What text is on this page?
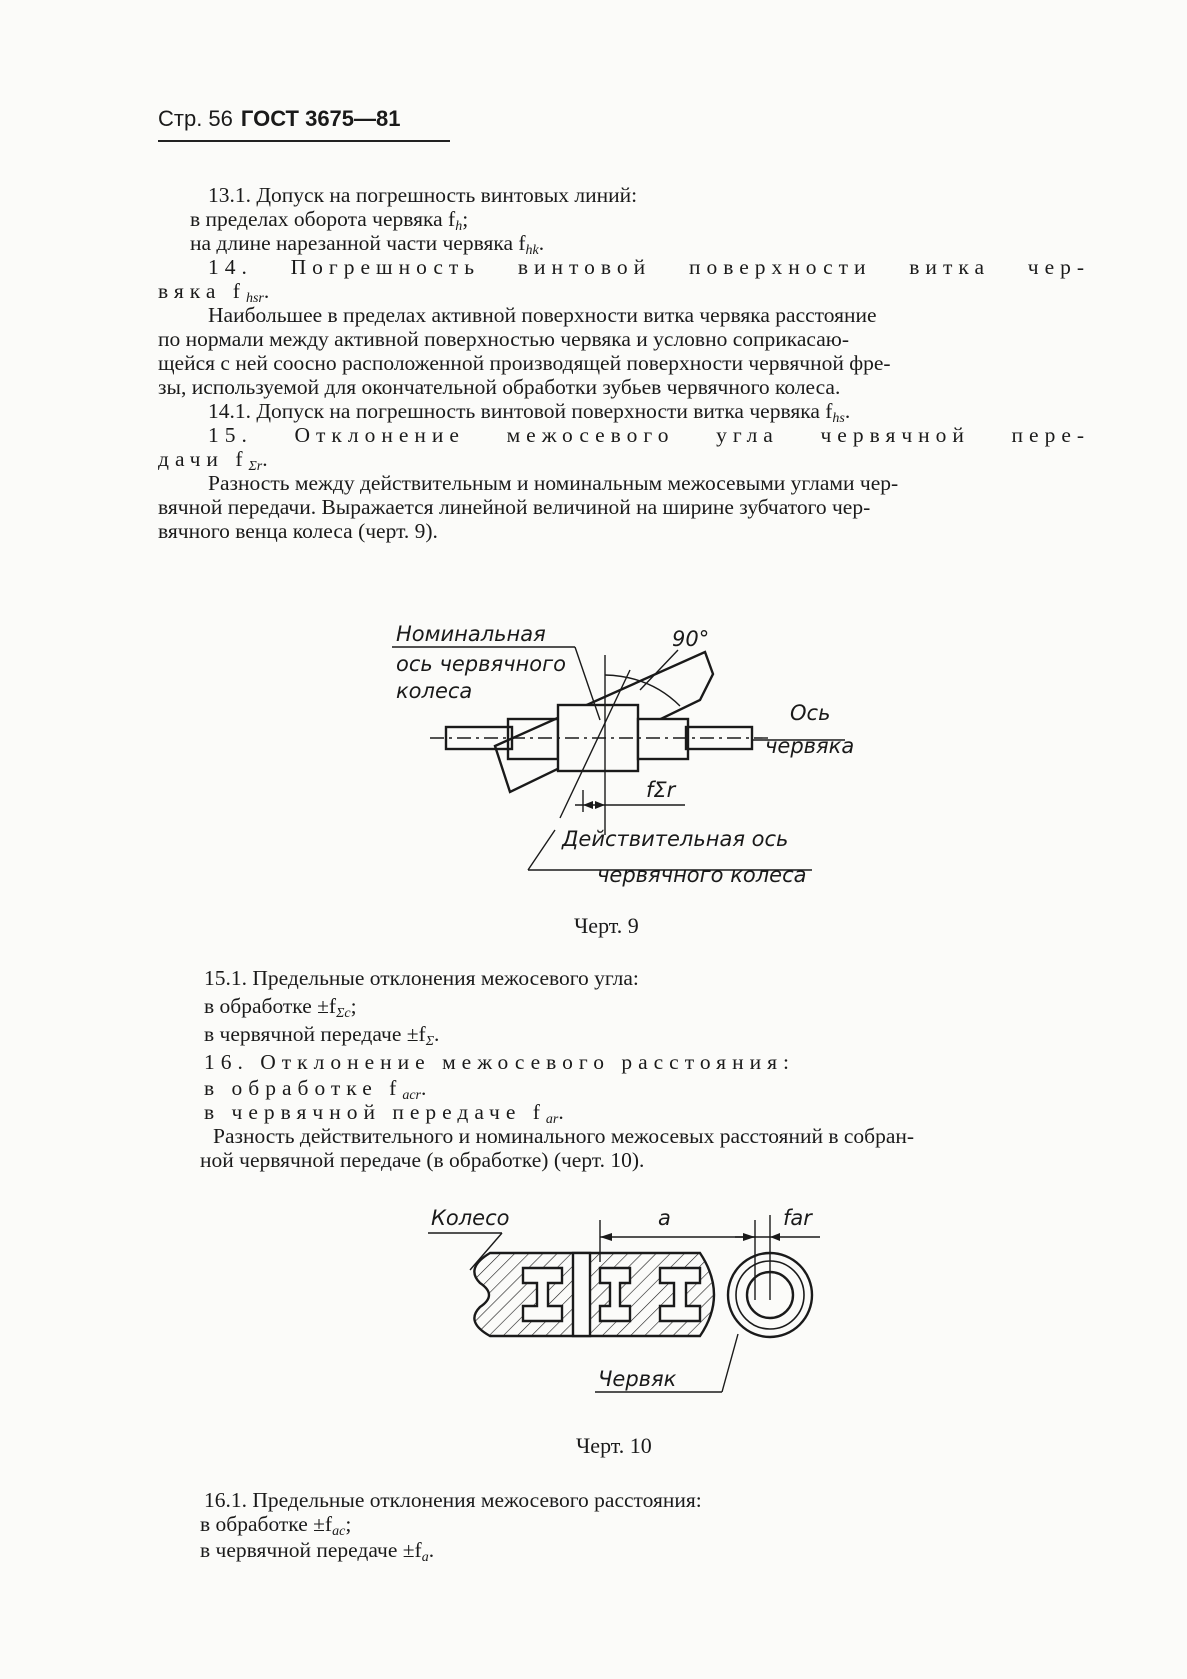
Стр. 56 ГОСТ 3675—81
13.1. Допуск на погрешность винтовых линий:
в пределах оборота червяка $f_h$;
на длине нарезанной части червяка $f_{hk}$.
14. Погрешность винтовой поверхности витка чер-
вяка $f_{hsr}$.
Наибольшее в пределах активной поверхности витка червяка расстояние
по нормали между активной поверхностью червяка и условно соприкасаю-
щейся с ней соосно расположенной производящей поверхности червячной фре-
зы, используемой для окончательной обработки зубьев червячного колеса.
14.1. Допуск на погрешность винтовой поверхности витка червяка $f_{hs}$.
15. Отклонение межосевого угла червячной пере-
дачи $f_{\Sigma r}$.
Разность между действительным и номинальным межосевыми углами чер-
вячной передачи. Выражается линейной величиной на ширине зубчатого чер-
вячного венца колеса (черт. 9).
Номинальная
ось червячного
колеса
90°
Ось
червяка
fΣr
Действительная ось
червячного колеса
Черт. 9
15.1. Предельные отклонения межосевого угла:
в обработке $\pm f_{\Sigma c}$;
в червячной передаче $\pm f_\Sigma$.
16. Отклонение межосевого расстояния:
в обработке $f_{acr}$.
в червячной передаче $f_{ar}$.
Разность действительного и номинального межосевых расстояний в собран-
ной червячной передаче (в обработке) (черт. 10).
Колесо	a	far
Червяк
Черт. 10
16.1. Предельные отклонения межосевого расстояния:
в обработке $\pm f_{ac}$;
в червячной передаче $\pm f_a$.
